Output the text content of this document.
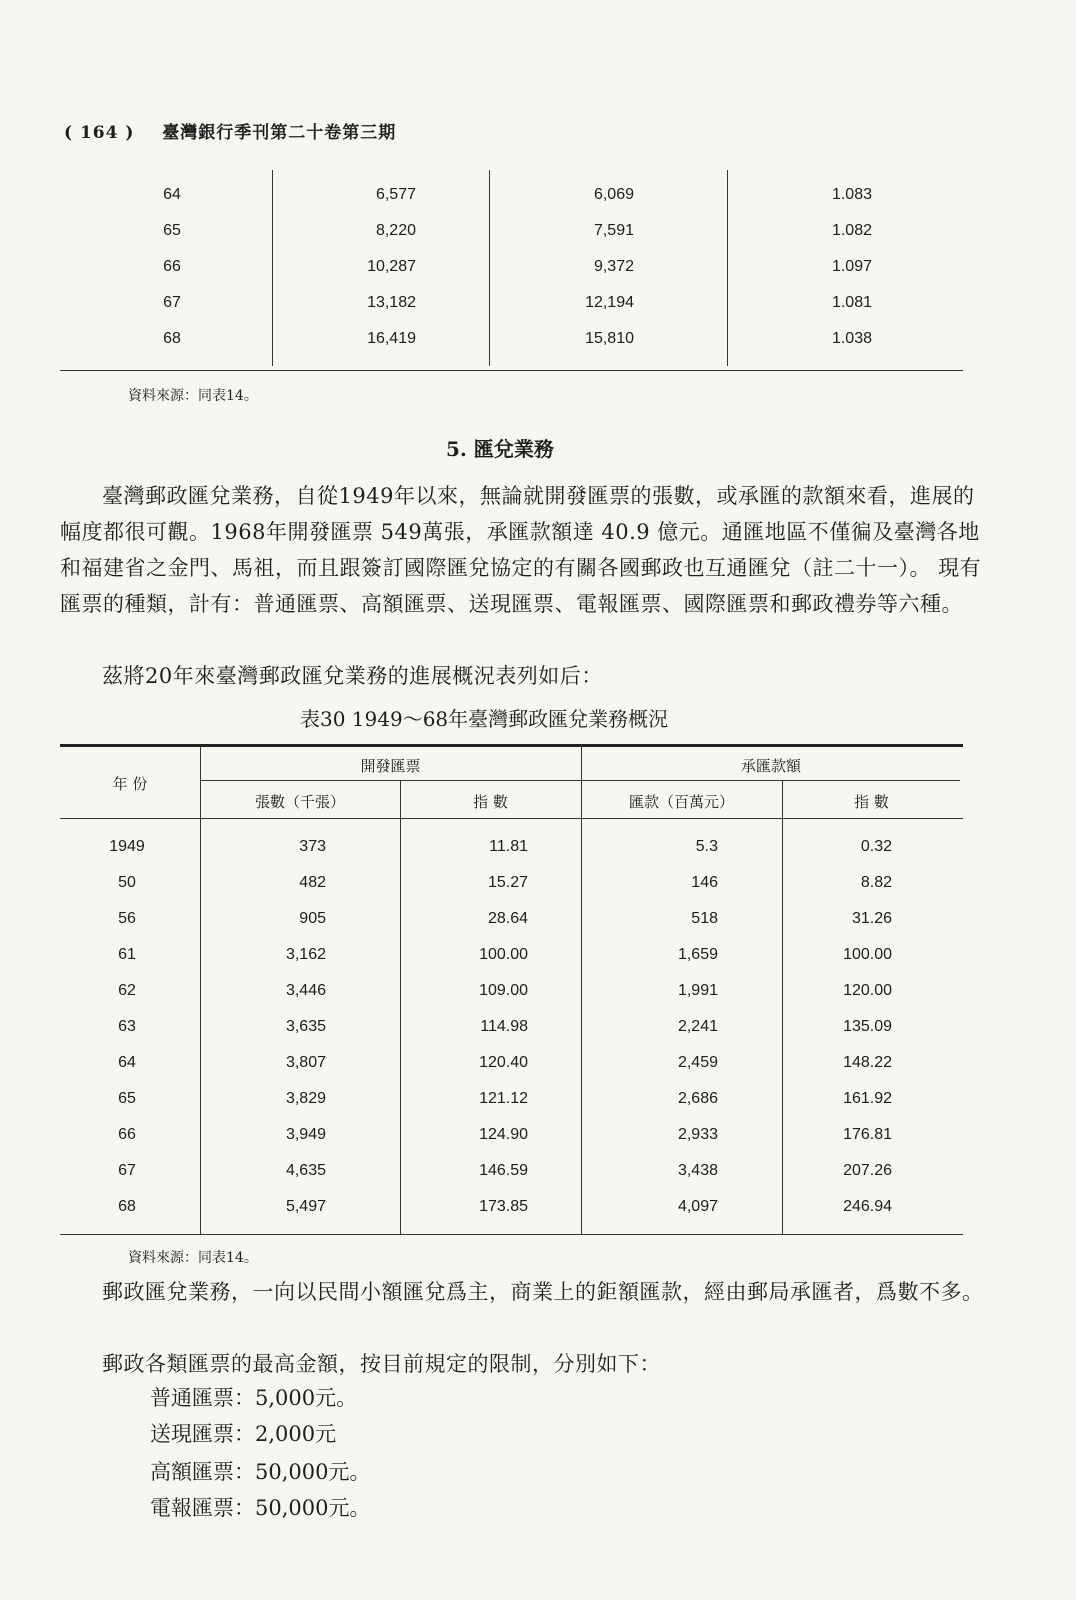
( 164 ) 臺灣銀行季刊第二十卷第三期
64	6,577	6,069	1.083
65	8,220	7,591	1.082
66	10,287	9,372	1.097
67	13,182	12,194	1.081
68	16,419	15,810	1.038
資料來源：同表14。
5. 匯兌業務
臺灣郵政匯兌業務，自從1949年以來，無論就開發匯票的張數，或承匯的款額來看，進展的幅度都很可觀。1968年開發匯票 549萬張，承匯款額達 40.9 億元。通匯地區不僅徧及臺灣各地和福建省之金門、馬祖，而且跟簽訂國際匯兌協定的有關各國郵政也互通匯兌（註二十一）。 現有匯票的種類，計有：普通匯票、高額匯票、送現匯票、電報匯票、國際匯票和郵政禮券等六種。
茲將20年來臺灣郵政匯兌業務的進展概況表列如后：
表30 1949～68年臺灣郵政匯兌業務概況
年 份
開發匯票	承匯款額
張數（千張）	指 數	匯款（百萬元）	指 數
1949	373	11.81	5.3	0.32
50	482	15.27	146	8.82
56	905	28.64	518	31.26
61	3,162	100.00	1,659	100.00
62	3,446	109.00	1,991	120.00
63	3,635	114.98	2,241	135.09
64	3,807	120.40	2,459	148.22
65	3,829	121.12	2,686	161.92
66	3,949	124.90	2,933	176.81
67	4,635	146.59	3,438	207.26
68	5,497	173.85	4,097	246.94
資料來源：同表14。
郵政匯兌業務，一向以民間小額匯兌爲主，商業上的鉅額匯款，經由郵局承匯者，爲數不多。
郵政各類匯票的最高金額，按目前規定的限制，分別如下：
普通匯票：5,000元。
送現匯票：2,000元
高額匯票：50,000元。
電報匯票：50,000元。
